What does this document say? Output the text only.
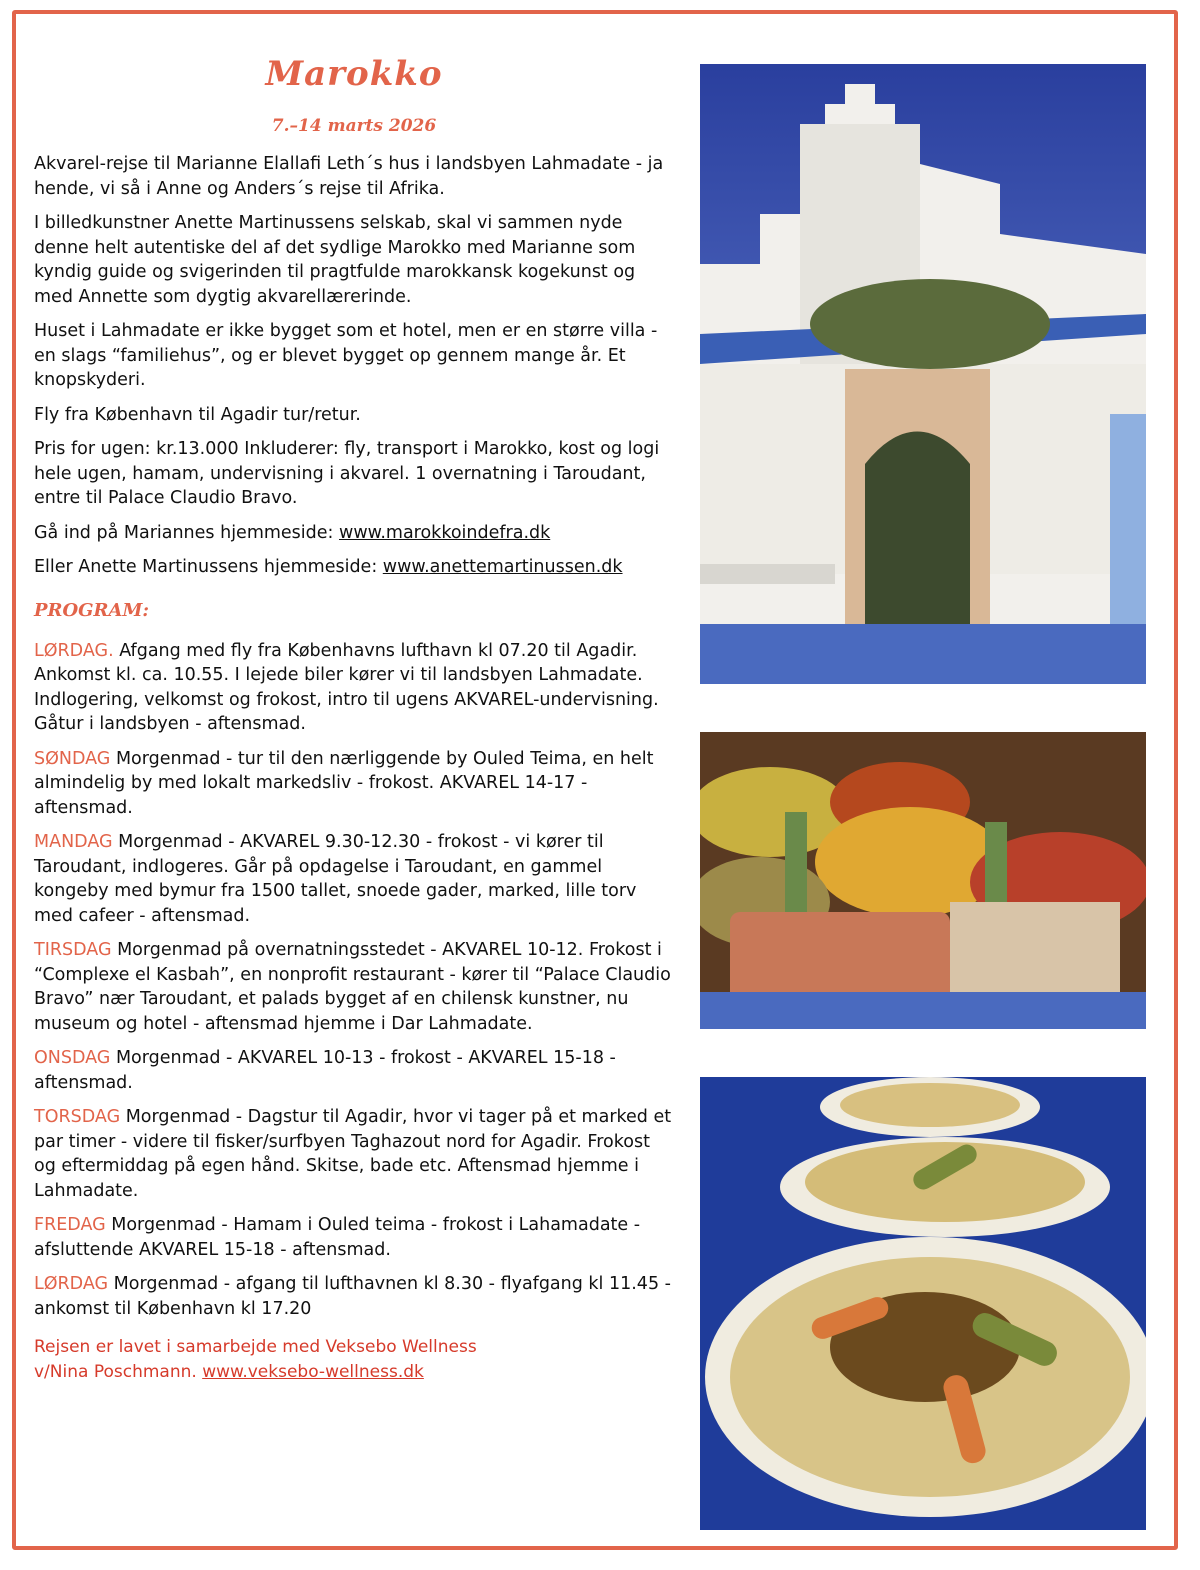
Marokko
7.–14 marts 2026

Akvarel-rejse til Marianne Elallafi Leth´s hus i landsbyen Lahmadate - ja hende, vi så i Anne og Anders´s rejse til Afrika.

I billedkunstner Anette Martinussens selskab, skal vi sammen nyde denne helt autentiske del af det sydlige Marokko med Marianne som kyndig guide og svigerinden til pragtfulde marokkansk kogekunst og med Annette som dygtig akvarellærerinde.

Huset i Lahmadate er ikke bygget som et hotel, men er en større villa - en slags “familiehus”, og er blevet bygget op gennem mange år. Et knopskyderi.

Fly fra København til Agadir tur/retur.

Pris for ugen: kr.13.000 Inkluderer: fly, transport i Marokko, kost og logi hele ugen, hamam, undervisning i akvarel. 1 overnatning i Taroudant, entre til Palace Claudio Bravo.

Gå ind på Mariannes hjemmeside: www.marokkoindefra.dk

Eller Anette Martinussens hjemmeside: www.anettemartinussen.dk

PROGRAM:

LØRDAG. Afgang med fly fra Københavns lufthavn kl 07.20 til Agadir. Ankomst kl. ca. 10.55. I lejede biler kører vi til landsbyen Lahmadate. Indlogering, velkomst og frokost, intro til ugens AKVAREL-undervisning. Gåtur i landsbyen - aftensmad.

SØNDAG Morgenmad - tur til den nærliggende by Ouled Teima, en helt almindelig by med lokalt markedsliv - frokost. AKVAREL 14-17 - aftensmad.

MANDAG Morgenmad - AKVAREL 9.30-12.30 - frokost - vi kører til Taroudant, indlogeres. Går på opdagelse i Taroudant, en gammel kongeby med bymur fra 1500 tallet, snoede gader, marked, lille torv med cafeer - aftensmad.

TIRSDAG Morgenmad på overnatningsstedet - AKVAREL 10-12. Frokost i “Complexe el Kasbah”, en nonprofit restaurant - kører til “Palace Claudio Bravo” nær Taroudant, et palads bygget af en chilensk kunstner, nu museum og hotel - aftensmad hjemme i Dar Lahmadate.

ONSDAG Morgenmad - AKVAREL 10-13 - frokost - AKVAREL 15-18 - aftensmad.

TORSDAG Morgenmad - Dagstur til Agadir, hvor vi tager på et marked et par timer - videre til fisker/surfbyen Taghazout nord for Agadir. Frokost og eftermiddag på egen hånd. Skitse, bade etc. Aftensmad hjemme i Lahmadate.

FREDAG Morgenmad - Hamam i Ouled teima - frokost i Lahamadate - afsluttende AKVAREL 15-18 - aftensmad.

LØRDAG Morgenmad - afgang til lufthavnen kl 8.30 - flyafgang kl 11.45 - ankomst til København kl 17.20

Rejsen er lavet i samarbejde med Veksebo Wellness
v/Nina Poschmann. www.veksebo-wellness.dk
